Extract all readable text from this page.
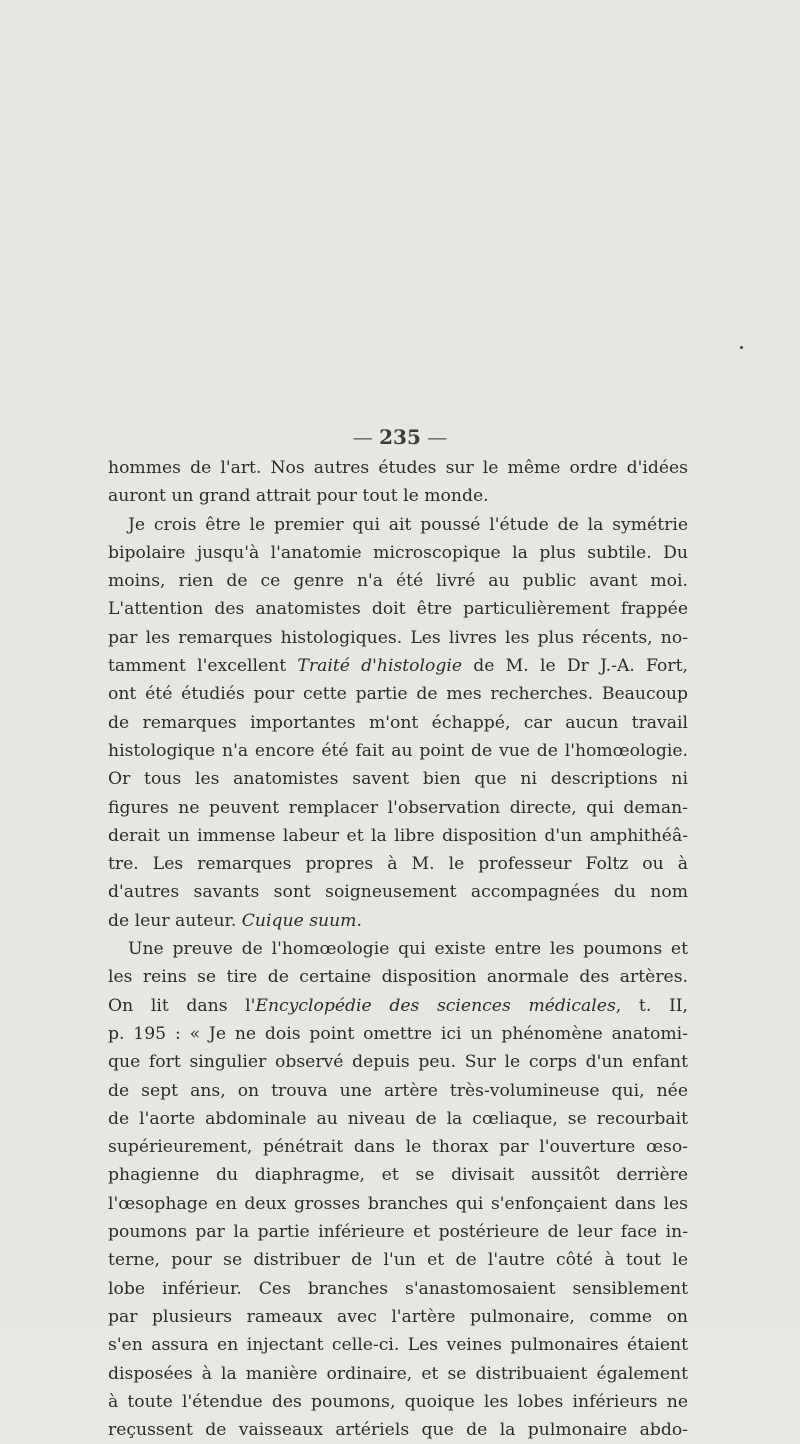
— 235 —
hommes de l'art. Nos autres études sur le même ordre d'idées
auront un grand attrait pour tout le monde.
Je crois être le premier qui ait poussé l'étude de la symétrie
bipolaire jusqu'à l'anatomie microscopique la plus subtile. Du
moins, rien de ce genre n'a été livré au public avant moi.
L'attention des anatomistes doit être particulièrement frappée
par les remarques histologiques. Les livres les plus récents, no-
tamment l'excellent Traité d'histologie de M. le Dr J.-A. Fort,
ont été étudiés pour cette partie de mes recherches. Beaucoup
de remarques importantes m'ont échappé, car aucun travail
histologique n'a encore été fait au point de vue de l'homœologie.
Or tous les anatomistes savent bien que ni descriptions ni
figures ne peuvent remplacer l'observation directe, qui deman-
derait un immense labeur et la libre disposition d'un amphithéâ-
tre. Les remarques propres à M. le professeur Foltz ou à
d'autres savants sont soigneusement accompagnées du nom
de leur auteur. Cuique suum.
Une preuve de l'homœologie qui existe entre les poumons et
les reins se tire de certaine disposition anormale des artères.
On lit dans l'Encyclopédie des sciences médicales, t. II,
p. 195 : « Je ne dois point omettre ici un phénomène anatomi-
que fort singulier observé depuis peu. Sur le corps d'un enfant
de sept ans, on trouva une artère très-volumineuse qui, née
de l'aorte abdominale au niveau de la cœliaque, se recourbait
supérieurement, pénétrait dans le thorax par l'ouverture œso-
phagienne du diaphragme, et se divisait aussitôt derrière
l'œsophage en deux grosses branches qui s'enfonçaient dans les
poumons par la partie inférieure et postérieure de leur face in-
terne, pour se distribuer de l'un et de l'autre côté à tout le
lobe inférieur. Ces branches s'anastomosaient sensiblement
par plusieurs rameaux avec l'artère pulmonaire, comme on
s'en assura en injectant celle-ci. Les veines pulmonaires étaient
disposées à la manière ordinaire, et se distribuaient également
à toute l'étendue des poumons, quoique les lobes inférieurs ne
reçussent de vaisseaux artériels que de la pulmonaire abdo-
